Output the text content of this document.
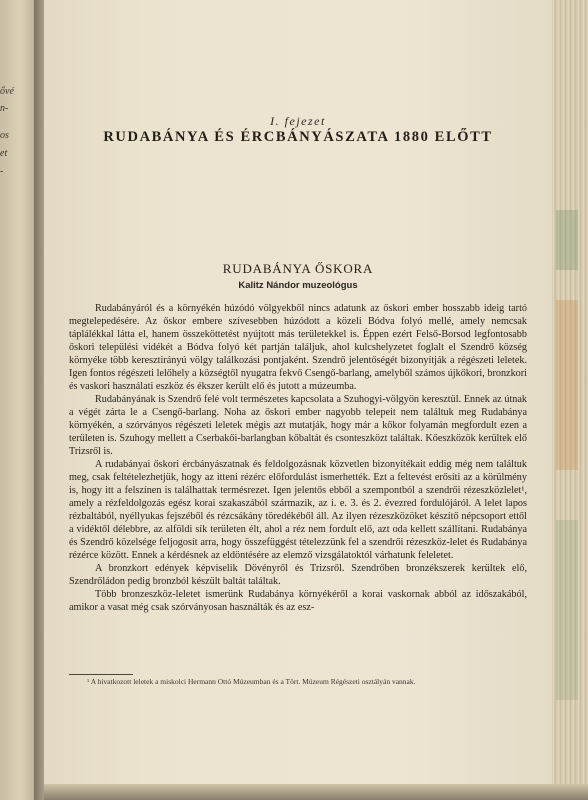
ővé
n-
os
et
-
I. fejezet
RUDABÁNYA ÉS ÉRCBÁNYÁSZATA 1880 ELŐTT
RUDABÁNYA ŐSKORA
Kalitz Nándor muzeológus

Rudabányáról és a környékén húzódó völgyekből nincs adatunk az őskori ember hosszabb ideig tartó megtelepedésére. Az őskor embere szívesebben húzódott a közeli Bódva folyó mellé, amely nemcsak táplálékkal látta el, hanem összeköttetést nyújtott más területekkel is. Éppen ezért Felső-Borsod legfontosabb őskori települési vidékét a Bódva folyó két partján találjuk, ahol kulcshelyzetet foglalt el Szendrő község környéke több keresztirányú völgy találkozási pontjaként. Szendrő jelentőségét bizonyítják a régészeti leletek. Igen fontos régészeti lelőhely a községtől nyugatra fekvő Csengő-barlang, amelyből számos újkőkori, bronzkori és vaskori használati eszköz és ékszer került elő és jutott a múzeumba.

Rudabányának is Szendrő felé volt természetes kapcsolata a Szuhogyi-völgyön keresztül. Ennek az útnak a végét zárta le a Csengő-barlang. Noha az őskori ember nagyobb telepeit nem találtuk meg Rudabánya környékén, a szórványos régészeti leletek mégis azt mutatják, hogy már a kőkor folyamán megfordult ezen a területen is. Szuhogy mellett a Cserbakői-barlangban kőbaltát és csonteszközt találtak. Kőeszközök kerültek elő Trizsről is.

A rudabányai őskori ércbányászatnak és feldolgozásnak közvetlen bizonyítékait eddig még nem találtuk meg, csak feltételezhetjük, hogy az itteni rézérc előfordulást ismerhették. Ezt a feltevést erősíti az a körülmény is, hogy itt a felszínen is találhattak termésrezet. Igen jelentős ebből a szempontból a szendrői rézeszközlelet¹, amely a rézfeldolgozás egész korai szakaszából származik, az i. e. 3. és 2. évezred fordulójáról. A lelet lapos rézbaltából, nyéllyukas fejszéből és rézcsákány töredékéből áll. Az ilyen rézeszközöket készítő népcsoport ettől a vidéktől délebbre, az alföldi sík területen élt, ahol a réz nem fordult elő, azt oda kellett szállítani. Rudabánya és Szendrő közelsége feljogosít arra, hogy összefüggést tételezzünk fel a szendrői rézeszköz-lelet és Rudabánya rézérce között. Ennek a kérdésnek az eldöntésére az elemző vizsgálatoktól várhatunk feleletet.

A bronzkort edények képviselik Dövényről és Trizsről. Szendrőben bronzékszerek kerültek elő, Szendrőládon pedig bronzból készült baltát találtak.

Több bronzeszköz-leletet ismerünk Rudabánya környékéről a korai vaskornak abból az időszakából, amikor a vasat még csak szórványosan használták és az esz-

¹ A hivatkozott leletek a miskolci Hermann Ottó Múzeumban és a Tört. Múzeum Régészeti osztályán vannak.
